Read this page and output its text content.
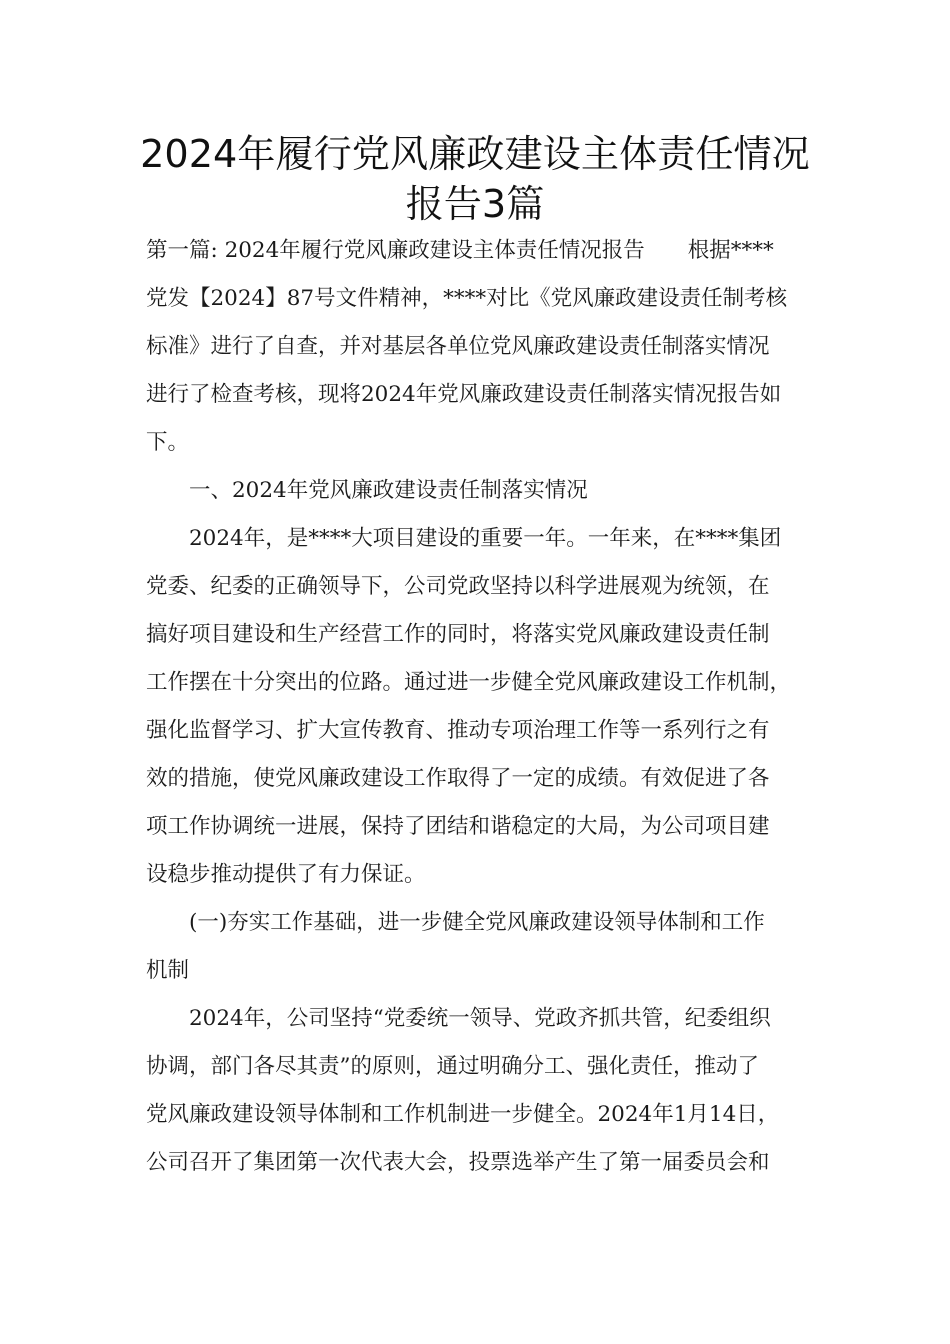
2024年履行党风廉政建设主体责任情况
报告3篇

第一篇: 2024年履行党风廉政建设主体责任情况报告　　根据****

党发【2024】87号文件精神，****对比《党风廉政建设责任制考核

标准》进行了自查，并对基层各单位党风廉政建设责任制落实情况

进行了检查考核，现将2024年党风廉政建设责任制落实情况报告如

下。

一、2024年党风廉政建设责任制落实情况

2024年，是****大项目建设的重要一年。一年来，在****集团

党委、纪委的正确领导下，公司党政坚持以科学进展观为统领，在

搞好项目建设和生产经营工作的同时，将落实党风廉政建设责任制

工作摆在十分突出的位路。通过进一步健全党风廉政建设工作机制，

强化监督学习、扩大宣传教育、推动专项治理工作等一系列行之有

效的措施，使党风廉政建设工作取得了一定的成绩。有效促进了各

项工作协调统一进展，保持了团结和谐稳定的大局，为公司项目建

设稳步推动提供了有力保证。

(一)夯实工作基础，进一步健全党风廉政建设领导体制和工作

机制

2024年，公司坚持“党委统一领导、党政齐抓共管，纪委组织

协调，部门各尽其责”的原则，通过明确分工、强化责任，推动了

党风廉政建设领导体制和工作机制进一步健全。2024年1月14日，

公司召开了集团第一次代表大会，投票选举产生了第一届委员会和
